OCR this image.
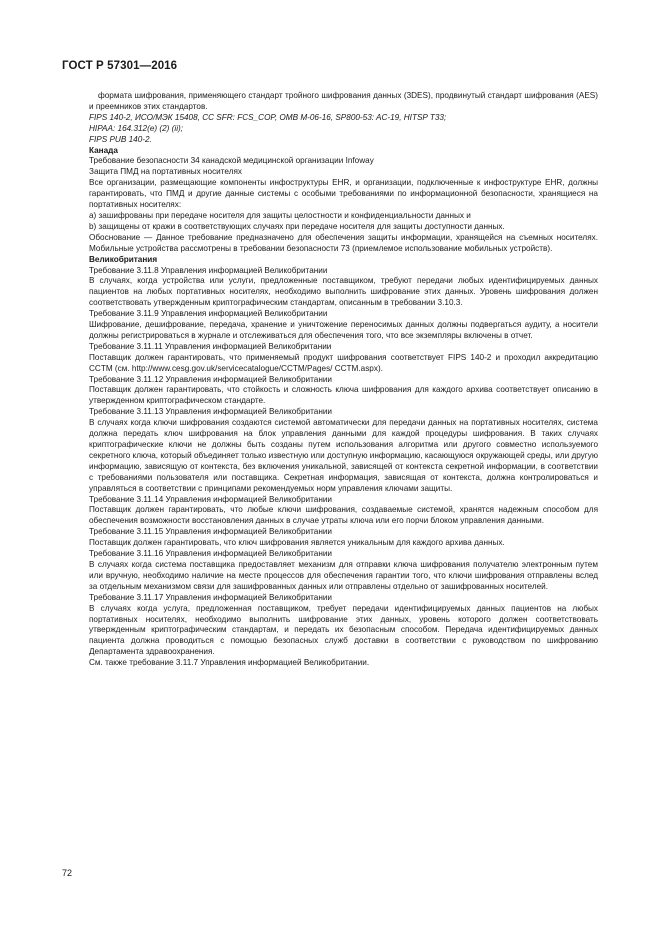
ГОСТ Р 57301—2016

формата шифрования, применяющего стандарт тройного шифрования данных (3DES), продвинутый стандарт шифрования (AES) и преемников этих стандартов.

FIPS 140-2, ИСО/МЭК 15408, CC SFR: FCS_COP, OMB M-06-16, SP800-53: AC-19, HITSP T33;

HIPAA: 164.312(e) (2) (ii);

FIPS PUB 140-2.

Канада

Требование безопасности 34 канадской медицинской организации Infoway

Защита ПМД на портативных носителях

Все организации, размещающие компоненты инфоструктуры EHR, и организации, подключенные к инфоструктуре EHR, должны гарантировать, что ПМД и другие данные системы с особыми требованиями по информационной безопасности, хранящиеся на портативных носителях:

а) зашифрованы при передаче носителя для защиты целостности и конфиденциальности данных и

b) защищены от кражи в соответствующих случаях при передаче носителя для защиты доступности данных.

Обоснование — Данное требование предназначено для обеспечения защиты информации, хранящейся на съемных носителях. Мобильные устройства рассмотрены в требовании безопасности 73 (приемлемое использование мобильных устройств).

Великобритания

Требование 3.11.8 Управления информацией Великобритании

В случаях, когда устройства или услуги, предложенные поставщиком, требуют передачи любых идентифицируемых данных пациентов на любых портативных носителях, необходимо выполнить шифрование этих данных. Уровень шифрования должен соответствовать утвержденным криптографическим стандартам, описанным в требовании 3.10.3.

Требование 3.11.9 Управления информацией Великобритании

Шифрование, дешифрование, передача, хранение и уничтожение переносимых данных должны подвергаться аудиту, а носители должны регистрироваться в журнале и отслеживаться для обеспечения того, что все экземпляры включены в отчет.

Требование 3.11.11 Управления информацией Великобритании

Поставщик должен гарантировать, что применяемый продукт шифрования соответствует FIPS 140-2 и проходил аккредитацию CCTM (см. http://www.cesg.gov.uk/servicecatalogue/CCTM/Pages/ CCTM.aspx).

Требование 3.11.12 Управления информацией Великобритании

Поставщик должен гарантировать, что стойкость и сложность ключа шифрования для каждого архива соответствует описанию в утвержденном криптографическом стандарте.

Требование 3.11.13 Управления информацией Великобритании

В случаях когда ключи шифрования создаются системой автоматически для передачи данных на портативных носителях, система должна передать ключ шифрования на блок управления данными для каждой процедуры шифрования. В таких случаях криптографические ключи не должны быть созданы путем использования алгоритма или другого совместно используемого секретного ключа, который объединяет только известную или доступную информацию, касающуюся окружающей среды, или другую информацию, зависящую от контекста, без включения уникальной, зависящей от контекста секретной информации, в соответствии с требованиями пользователя или поставщика. Секретная информация, зависящая от контекста, должна контролироваться и управляться в соответствии с принципами рекомендуемых норм управления ключами защиты.

Требование 3.11.14 Управления информацией Великобритании

Поставщик должен гарантировать, что любые ключи шифрования, создаваемые системой, хранятся надежным способом для обеспечения возможности восстановления данных в случае утраты ключа или его порчи блоком управления данными.

Требование 3.11.15 Управления информацией Великобритании

Поставщик должен гарантировать, что ключ шифрования является уникальным для каждого архива данных.

Требование 3.11.16 Управления информацией Великобритании

В случаях когда система поставщика предоставляет механизм для отправки ключа шифрования получателю электронным путем или вручную, необходимо наличие на месте процессов для обеспечения гарантии того, что ключи шифрования отправлены вслед за отдельным механизмом связи для зашифрованных данных или отправлены отдельно от зашифрованных носителей.

Требование 3.11.17 Управления информацией Великобритании

В случаях когда услуга, предложенная поставщиком, требует передачи идентифицируемых данных пациентов на любых портативных носителях, необходимо выполнить шифрование этих данных, уровень которого должен соответствовать утвержденным криптографическим стандартам, и передать их безопасным способом. Передача идентифицируемых данных пациента должна проводиться с помощью безопасных служб доставки в соответствии с руководством по шифрованию Департамента здравоохранения.

См. также требование 3.11.7 Управления информацией Великобритании.

72
